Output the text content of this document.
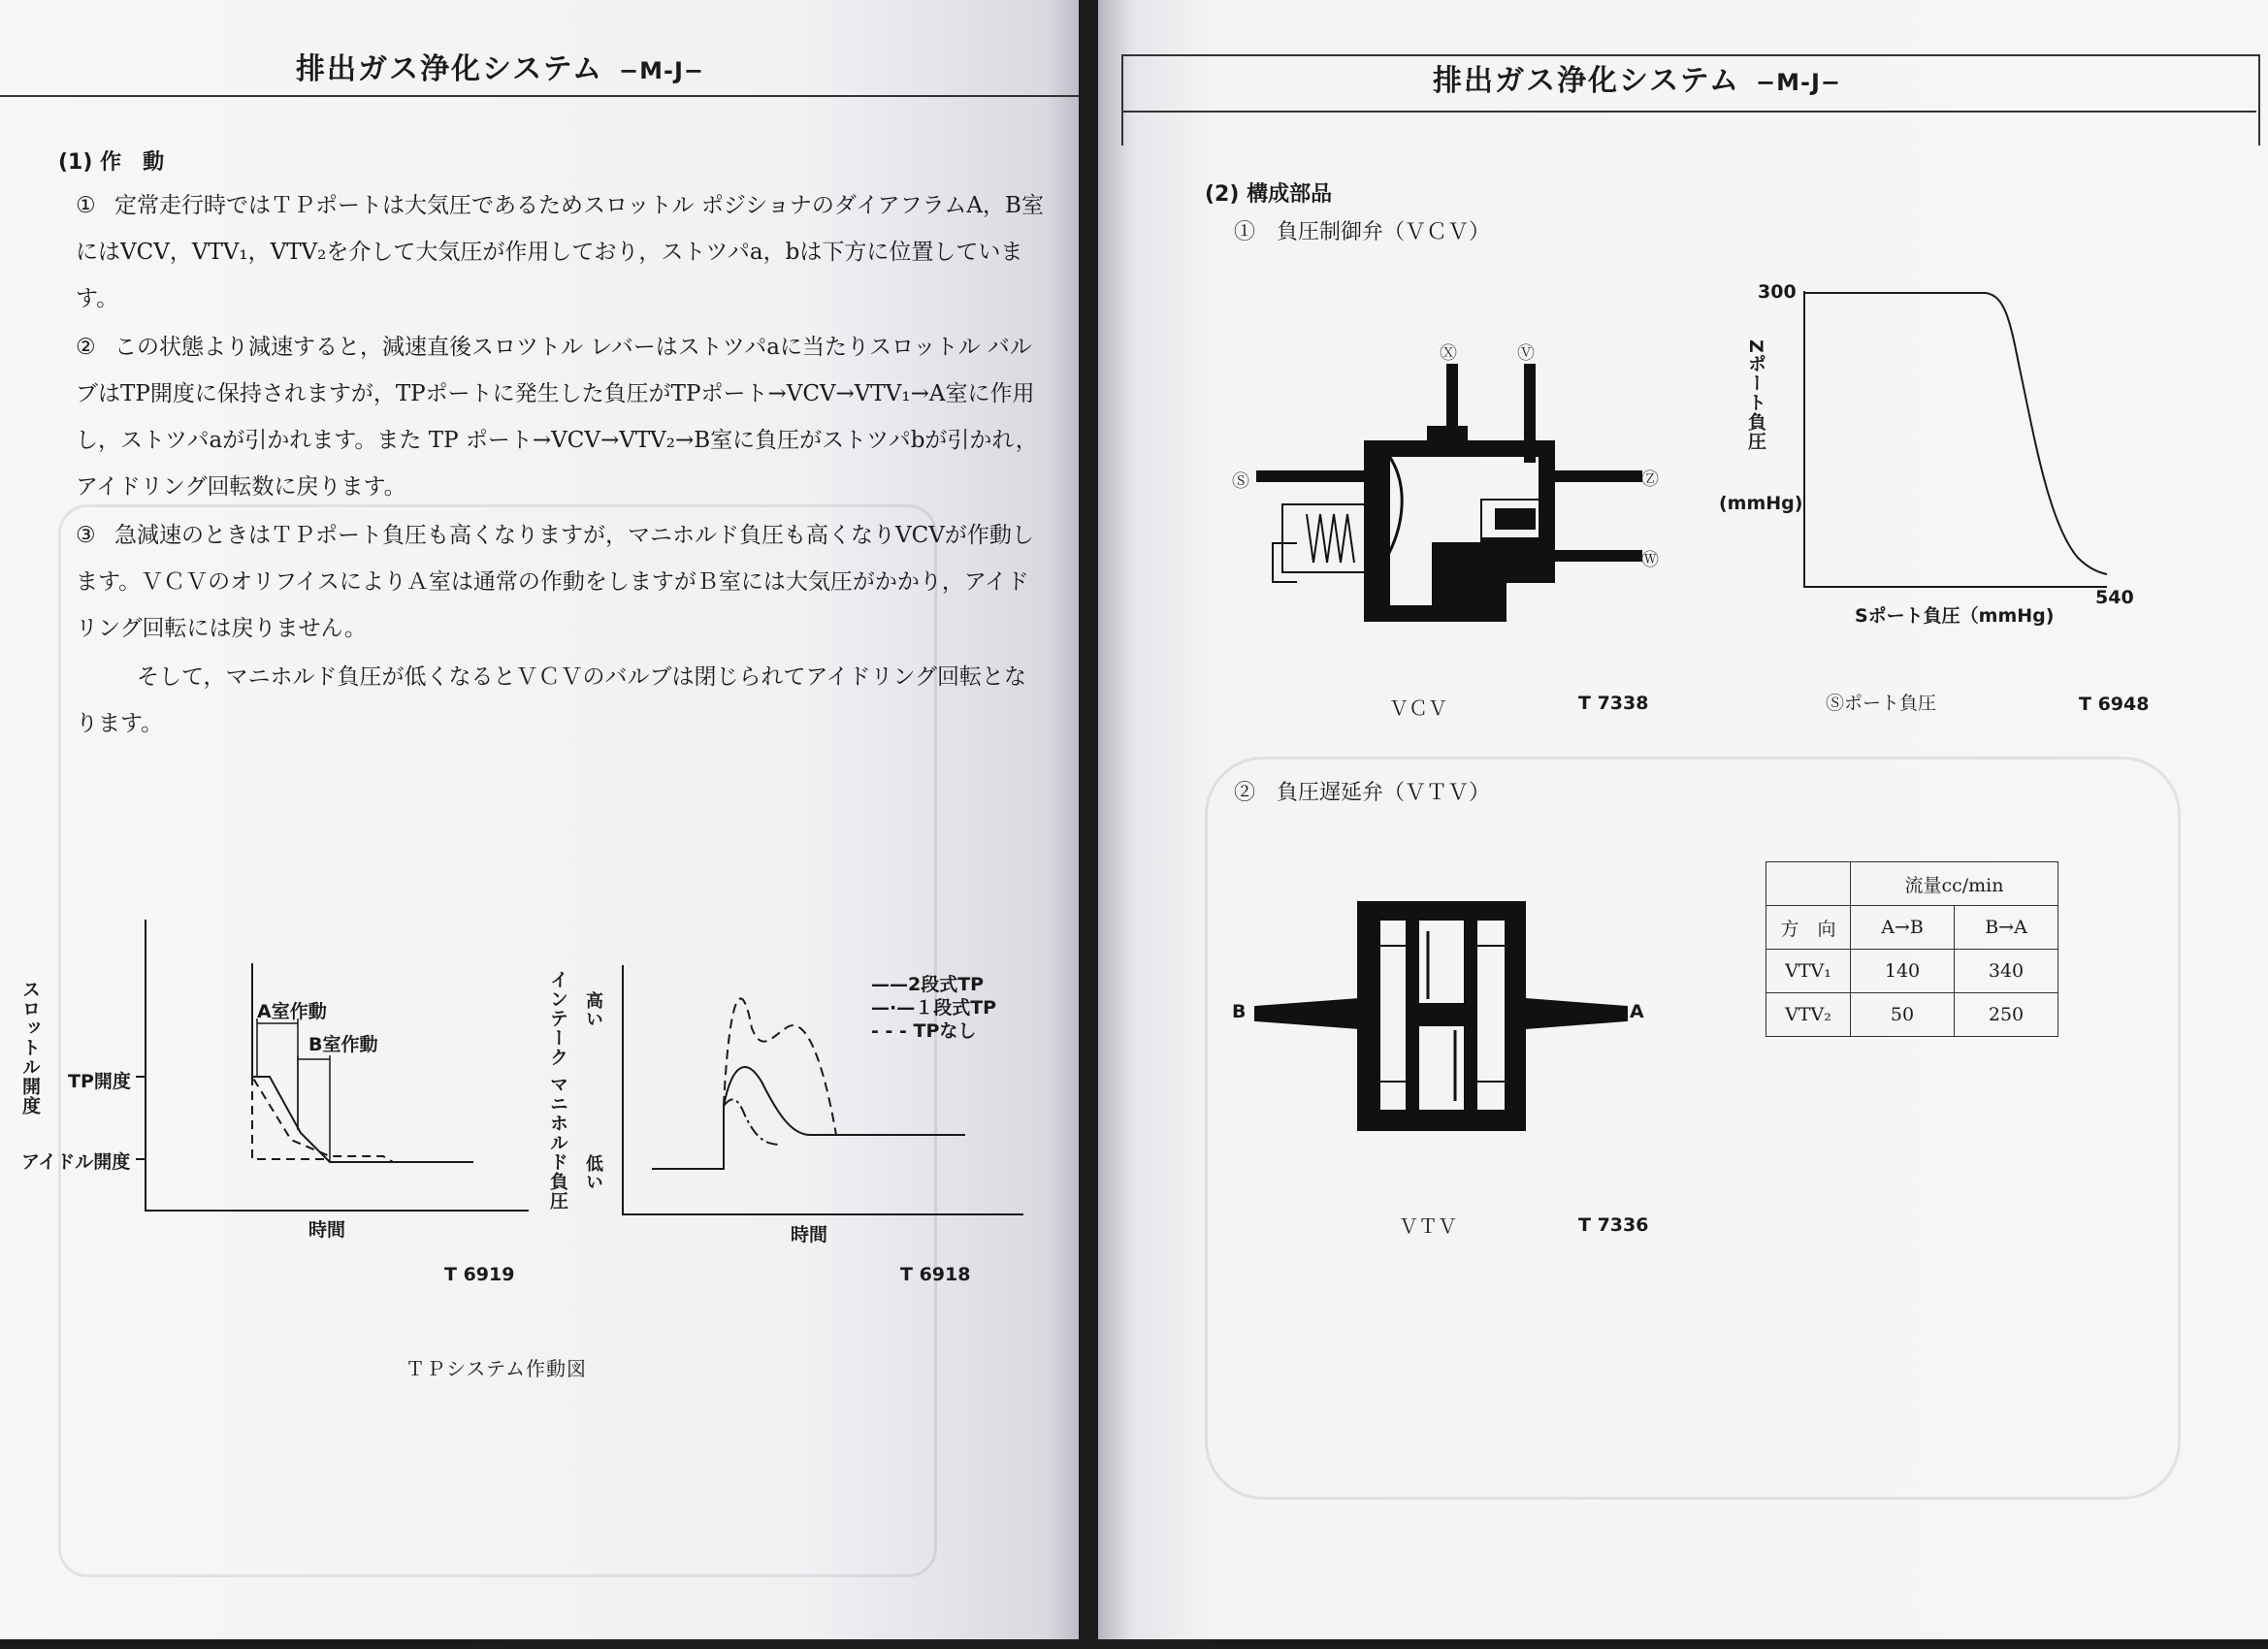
排出ガス浄化システム −M-J−
(1) 作　動
① 定常走行時ではＴＰポートは大気圧であるためスロットル ポジショナのダイアフラムA，B室にはVCV，VTV₁，VTV₂を介して大気圧が作用しており，ストツパa，bは下方に位置しています。
② この状態より減速すると，減速直後スロツトル レバーはストツパaに当たりスロットル バルブはTP開度に保持されますが，TPポートに発生した負圧がTPポート→VCV→VTV₁→A室に作用し，ストツパaが引かれます。また TP ポート→VCV→VTV₂→B室に負圧がストツパbが引かれ，アイドリング回転数に戻ります。
③ 急減速のときはＴＰポート負圧も高くなりますが，マニホルド負圧も高くなりVCVが作動します。ＶＣＶのオリフイスによりＡ室は通常の作動をしますがＢ室には大気圧がかかり，アイドリング回転には戻りません。
　そして，マニホルド負圧が低くなるとＶＣＶのバルブは閉じられてアイドリング回転となります。
スロットル開度 TP開度
アイドル開度
A室作動
B室作動
時間
T 6919
インテーク マニホルド負圧 高い
低い
——2段式TP
—·—１段式TP
- - - TPなし
時間
T 6918
ＴＰシステム作動図
排出ガス浄化システム −M-J−
(2) 構成部品
①　負圧制御弁（ＶＣＶ）
Ⓧ	Ⓥ
Ⓢ	Ⓩ
Ⓦ
ＶＣＶ	T 7338
300
540
Zポート負圧
(mmHg)
Sポート負圧（mmHg)
Ⓢポート負圧	T 6948
②　負圧遅延弁（ＶＴＶ）
B	A
ＶＴＶ	T 7336
	流量cc/min	
方　向	A→B	B→A
VTV₁	140	340
VTV₂	50	250
